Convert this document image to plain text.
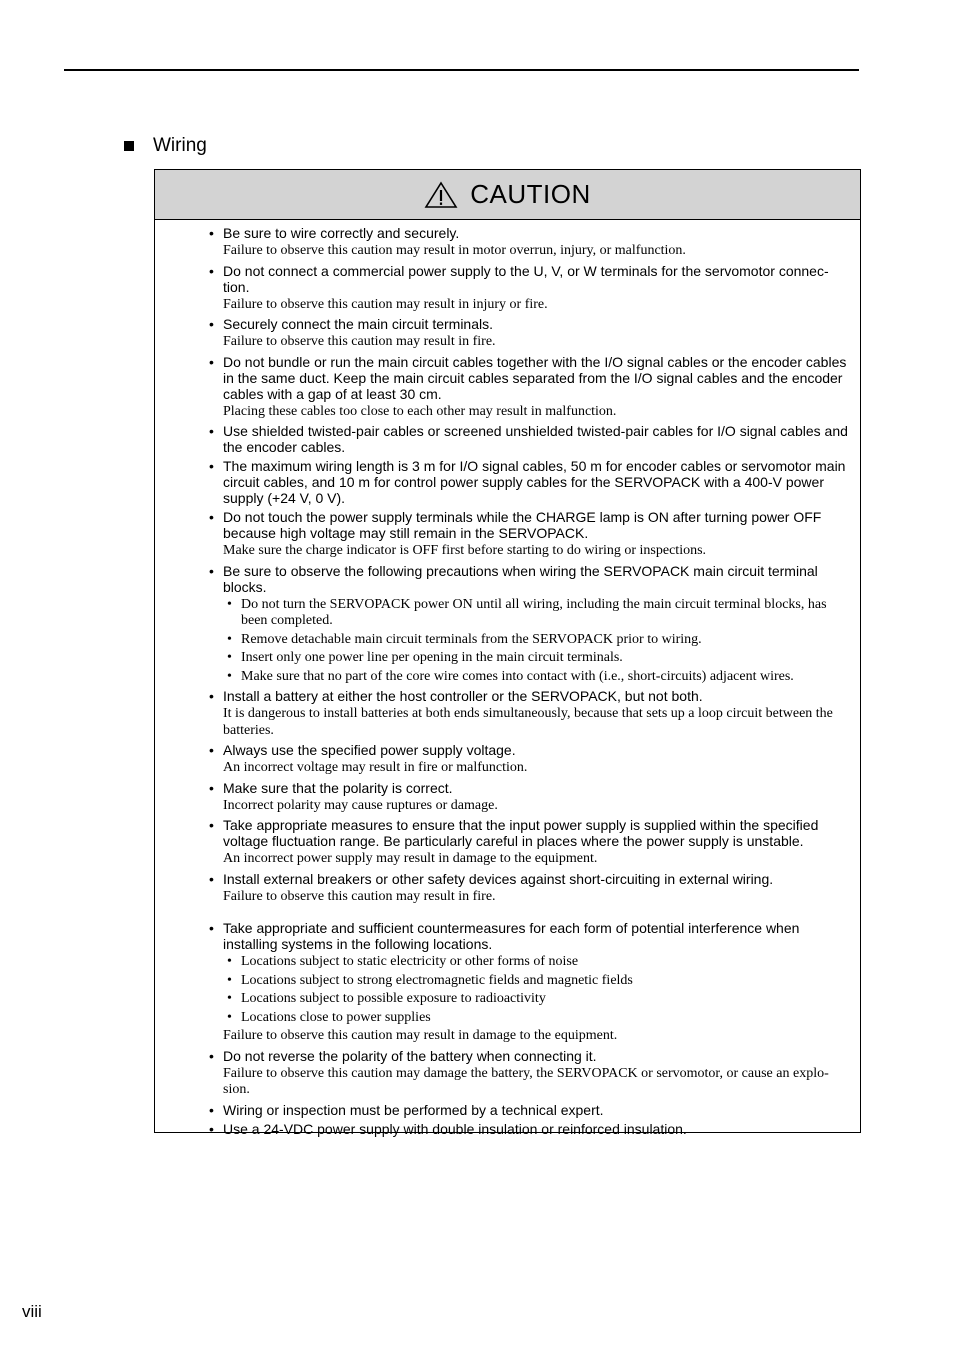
Wiring
CAUTION
• Be sure to wire correctly and securely.
Failure to observe this caution may result in motor overrun, injury, or malfunction.
• Do not connect a commercial power supply to the U, V, or W terminals for the servomotor connec-
tion.
Failure to observe this caution may result in injury or fire.
• Securely connect the main circuit terminals.
Failure to observe this caution may result in fire.
• Do not bundle or run the main circuit cables together with the I/O signal cables or the encoder cables in the same duct. Keep the main circuit cables separated from the I/O signal cables and the encoder cables with a gap of at least 30 cm.
Placing these cables too close to each other may result in malfunction.
• Use shielded twisted-pair cables or screened unshielded twisted-pair cables for I/O signal cables and the encoder cables.
• The maximum wiring length is 3 m for I/O signal cables, 50 m for encoder cables or servomotor main circuit cables, and 10 m for control power supply cables for the SERVOPACK with a 400-V power supply (+24 V, 0 V).
• Do not touch the power supply terminals while the CHARGE lamp is ON after turning power OFF because high voltage may still remain in the SERVOPACK.
Make sure the charge indicator is OFF first before starting to do wiring or inspections.
• Be sure to observe the following precautions when wiring the SERVOPACK main circuit terminal blocks.
• Do not turn the SERVOPACK power ON until all wiring, including the main circuit terminal blocks, has been completed.
• Remove detachable main circuit terminals from the SERVOPACK prior to wiring.
• Insert only one power line per opening in the main circuit terminals.
• Make sure that no part of the core wire comes into contact with (i.e., short-circuits) adjacent wires.
• Install a battery at either the host controller or the SERVOPACK, but not both.
It is dangerous to install batteries at both ends simultaneously, because that sets up a loop circuit between the batteries.
• Always use the specified power supply voltage.
An incorrect voltage may result in fire or malfunction.
• Make sure that the polarity is correct.
Incorrect polarity may cause ruptures or damage.
• Take appropriate measures to ensure that the input power supply is supplied within the specified voltage fluctuation range. Be particularly careful in places where the power supply is unstable.
An incorrect power supply may result in damage to the equipment.
• Install external breakers or other safety devices against short-circuiting in external wiring.
Failure to observe this caution may result in fire.
• Take appropriate and sufficient countermeasures for each form of potential interference when installing systems in the following locations.
• Locations subject to static electricity or other forms of noise
• Locations subject to strong electromagnetic fields and magnetic fields
• Locations subject to possible exposure to radioactivity
• Locations close to power supplies
Failure to observe this caution may result in damage to the equipment.
• Do not reverse the polarity of the battery when connecting it.
Failure to observe this caution may damage the battery, the SERVOPACK or servomotor, or cause an explo-
sion.
• Wiring or inspection must be performed by a technical expert.
• Use a 24-VDC power supply with double insulation or reinforced insulation.
viii
